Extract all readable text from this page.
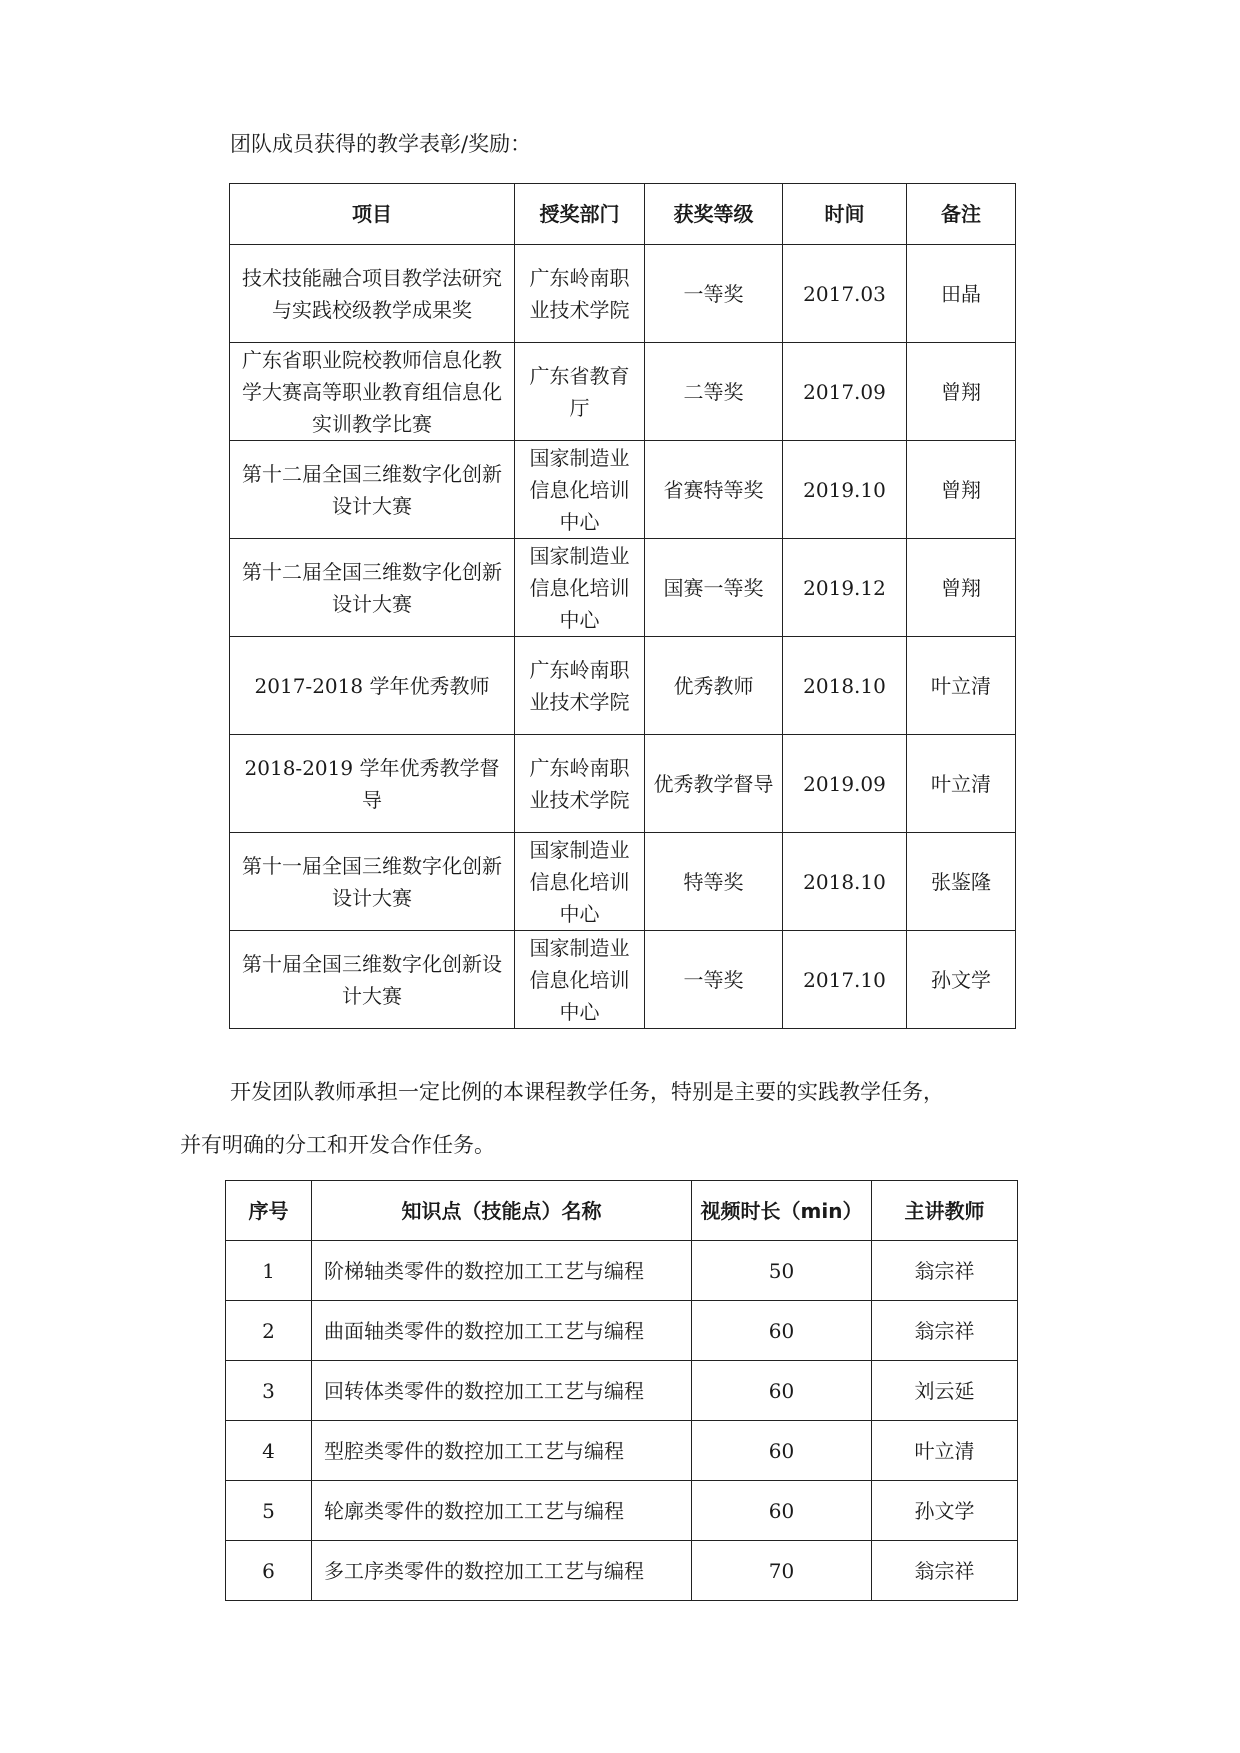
团队成员获得的教学表彰/奖励：
项目	授奖部门	获奖等级	时间	备注
技术技能融合项目教学法研究与实践校级教学成果奖	广东岭南职业技术学院	一等奖	2017.03	田晶
广东省职业院校教师信息化教学大赛高等职业教育组信息化实训教学比赛	广东省教育厅	二等奖	2017.09	曾翔
第十二届全国三维数字化创新设计大赛	国家制造业信息化培训中心	省赛特等奖	2019.10	曾翔
第十二届全国三维数字化创新设计大赛	国家制造业信息化培训中心	国赛一等奖	2019.12	曾翔
2017-2018 学年优秀教师	广东岭南职业技术学院	优秀教师	2018.10	叶立清
2018-2019 学年优秀教学督导	广东岭南职业技术学院	优秀教学督导	2019.09	叶立清
第十一届全国三维数字化创新设计大赛	国家制造业信息化培训中心	特等奖	2018.10	张鉴隆
第十届全国三维数字化创新设计大赛	国家制造业信息化培训中心	一等奖	2017.10	孙文学
开发团队教师承担一定比例的本课程教学任务，特别是主要的实践教学任务，
并有明确的分工和开发合作任务。
序号	知识点（技能点）名称	视频时长（min）	主讲教师
1	阶梯轴类零件的数控加工工艺与编程	50	翁宗祥
2	曲面轴类零件的数控加工工艺与编程	60	翁宗祥
3	回转体类零件的数控加工工艺与编程	60	刘云延
4	型腔类零件的数控加工工艺与编程	60	叶立清
5	轮廓类零件的数控加工工艺与编程	60	孙文学
6	多工序类零件的数控加工工艺与编程	70	翁宗祥
